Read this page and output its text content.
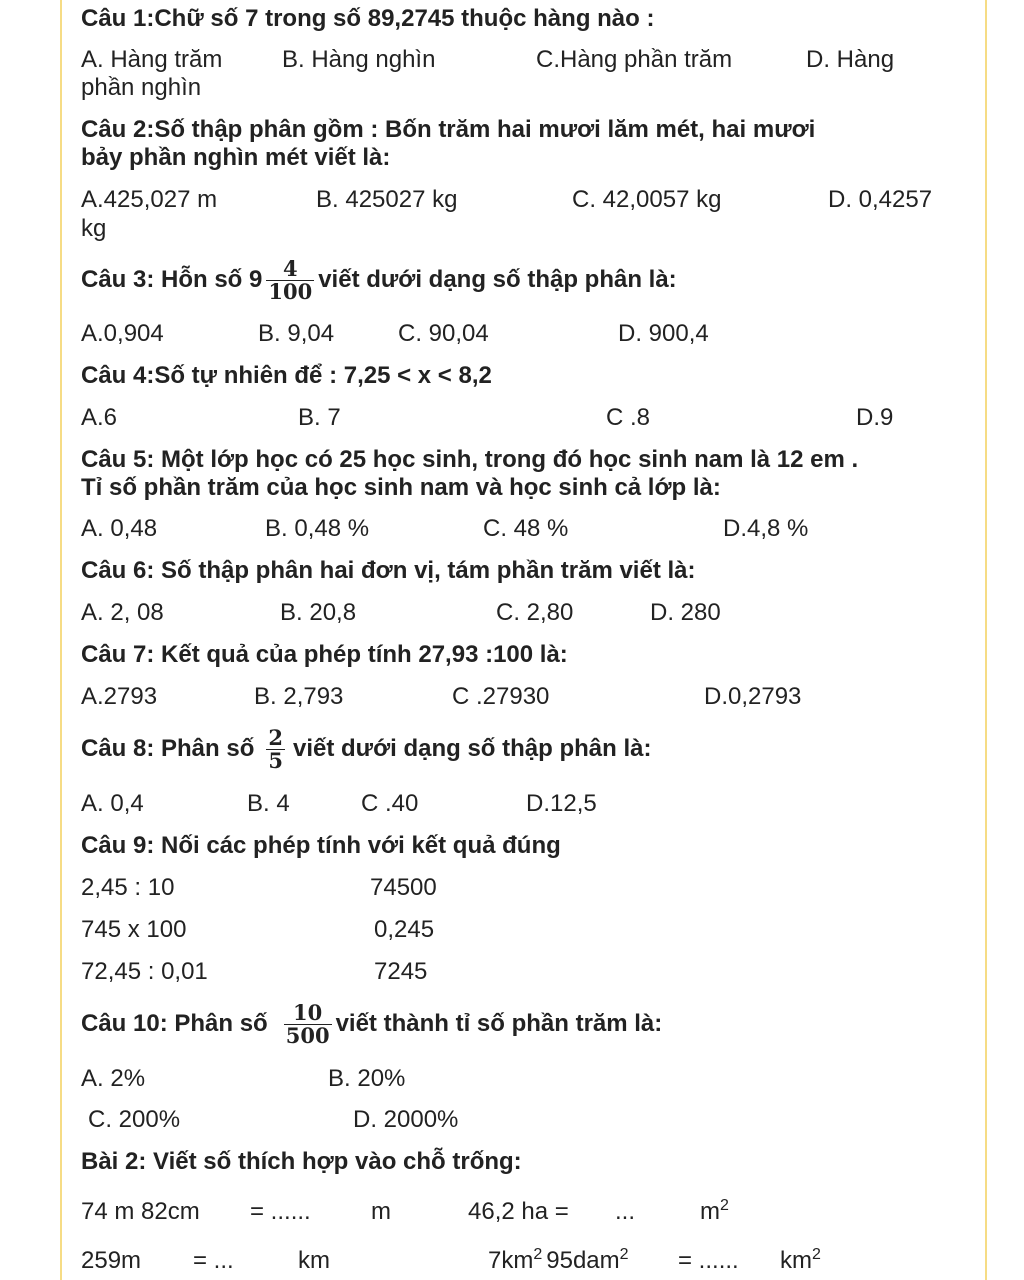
Câu 1:Chữ số 7 trong số 89,2745 thuộc hàng nào :
A. Hàng trăm B. Hàng nghìn	C.Hàng phần trăm	D. Hàng
phần nghìn
Câu 2:Số thập phân gồm : Bốn trăm hai mươi lăm mét, hai mươi
bảy phần nghìn mét viết là:
A.425,027 m	B. 425027 kg	C. 42,0057 kg	D. 0,4257
kg
Câu 3: Hỗn số $9 \frac{4}{100}$ viết dưới dạng số thập phân là:
A.0,904	B. 9,04	C. 90,04	D. 900,4
Câu 4:Số tự nhiên để : 7,25 < x < 8,2
A.6	B. 7	C .8	D.9
Câu 5: Một lớp học có 25 học sinh, trong đó học sinh nam là 12 em .
Tỉ số phần trăm của học sinh nam và học sinh cả lớp là:
A. 0,48	B. 0,48 %	C. 48 %	D.4,8 %
Câu 6: Số thập phân hai đơn vị, tám phần trăm viết là:
A. 2, 08	B. 20,8	C. 2,80	D. 280
Câu 7: Kết quả của phép tính 27,93 :100 là:
A.2793	B. 2,793	C .27930	D.0,2793
Câu 8: Phân số $\frac{2}{5}$ viết dưới dạng số thập phân là:
A. 0,4	B. 4	C .40	D.12,5
Câu 9: Nối các phép tính với kết quả đúng
2,45 : 10	74500
745 x 100	0,245
72,45 : 0,01	7245
Câu 10: Phân số $\frac{10}{500}$ viết thành tỉ số phần trăm là:
A. 2%	B. 20%
C. 200%	D. 2000%
Bài 2: Viết số thích hợp vào chỗ trống:
74 m 82cm = ......	m	46,2 ha = ...	$m^2$
259m = ...	km	$7km^2$ 95dam$^2$ = ...... $km^2$
